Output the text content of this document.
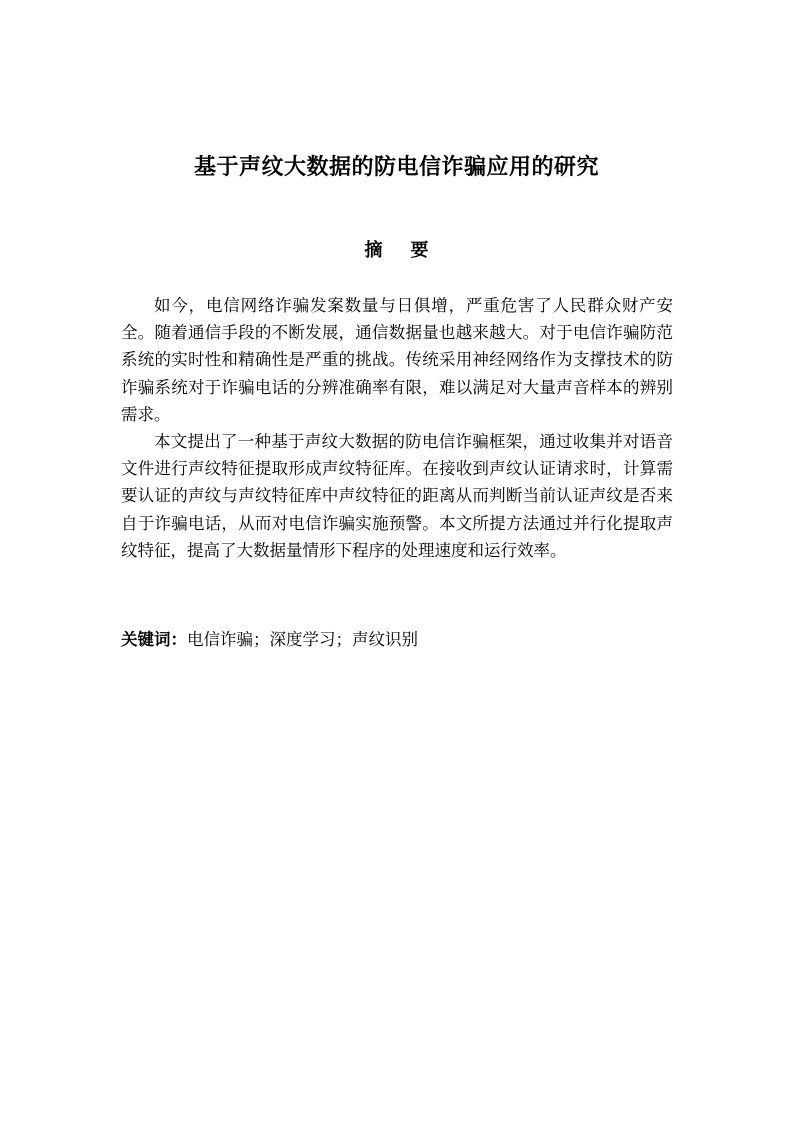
基于声纹大数据的防电信诈骗应用的研究
摘要

如今，电信网络诈骗发案数量与日俱增，严重危害了人民群众财产安全。随着通信手段的不断发展，通信数据量也越来越大。对于电信诈骗防范系统的实时性和精确性是严重的挑战。传统采用神经网络作为支撑技术的防诈骗系统对于诈骗电话的分辨准确率有限，难以满足对大量声音样本的辨别需求。

本文提出了一种基于声纹大数据的防电信诈骗框架，通过收集并对语音文件进行声纹特征提取形成声纹特征库。在接收到声纹认证请求时，计算需要认证的声纹与声纹特征库中声纹特征的距离从而判断当前认证声纹是否来自于诈骗电话，从而对电信诈骗实施预警。本文所提方法通过并行化提取声纹特征，提高了大数据量情形下程序的处理速度和运行效率。

关键词：电信诈骗；深度学习；声纹识别
